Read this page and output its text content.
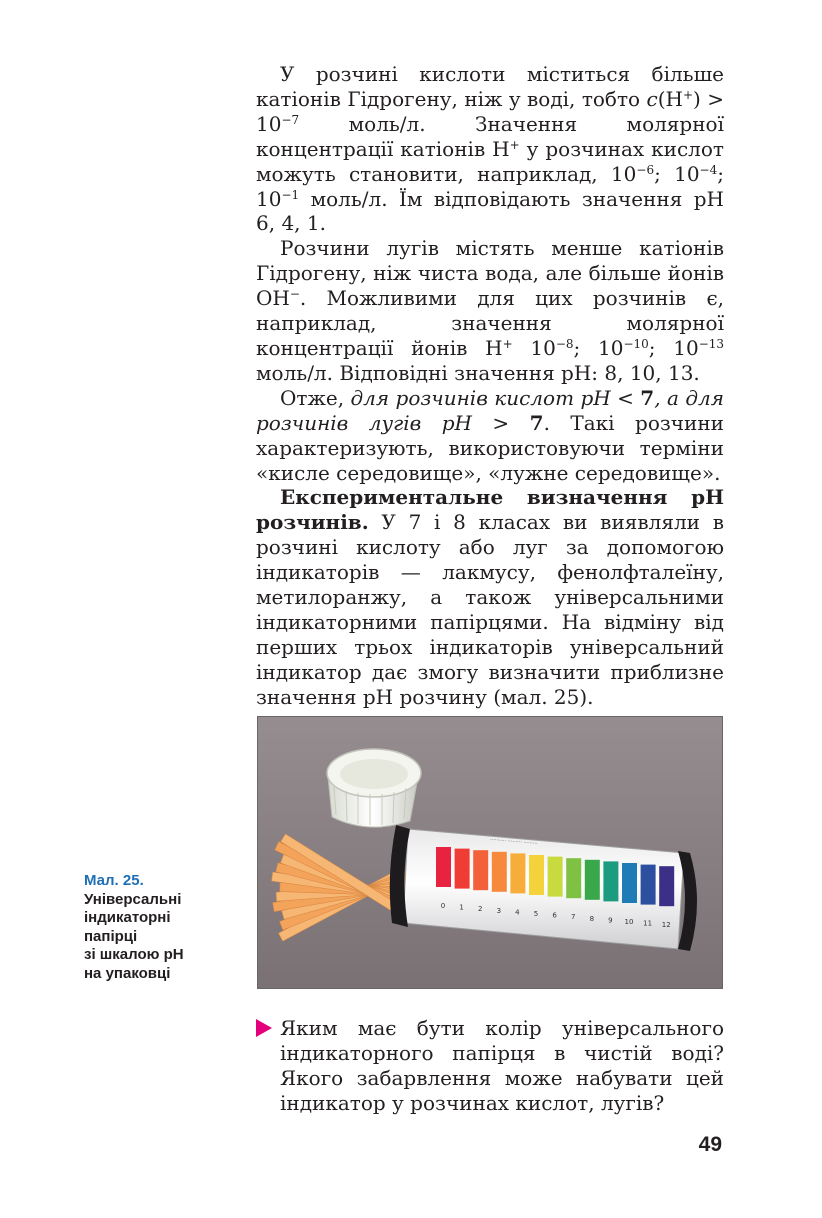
У розчині кислоти міститься більше катіонів Гідрогену, ніж у воді, тобто $c(H^+) > 10^{-7}$ моль/л. Значення молярної концентрації катіонів H+ у розчинах кислот можуть становити, наприклад, $10^{-6}$; $10^{-4}$; $10^{-1}$ моль/л. Їм відповідають значення pH 6, 4, 1.

Розчини лугів містять менше катіонів Гідрогену, ніж чиста вода, але більше йонів OH−. Можливими для цих розчинів є, наприклад, значення молярної концентрації йонів H+ $10^{-8}$; $10^{-10}$; $10^{-13}$ моль/л. Відповідні значення pH: 8, 10, 13.

Отже, для розчинів кислот pH < 7, а для розчинів лугів pH > 7. Такі розчини характеризують, використовуючи терміни «кисле середовище», «лужне середовище».

Експериментальне визначення pH розчинів. У 7 і 8 класах ви виявляли в розчині кислоту або луг за допомогою індикаторів — лакмусу, фенолфталеїну, метилоранжу, а також універсальними індикаторними папірцями. На відміну від перших трьох індикаторів універсальний індикатор дає змогу визначити приблизне значення pH розчину (мал. 25).

·········· ········· ·········
0 1 2 3 4 5 6 7 8 9 10 11 12
Мал. 25.
Універсальні
індикаторні
папірці
зі шкалою pH
на упаковці

Яким має бути колір універсального індикаторного папірця в чистій воді? Якого забарвлення може набувати цей індикатор у розчинах кислот, лугів?

49
